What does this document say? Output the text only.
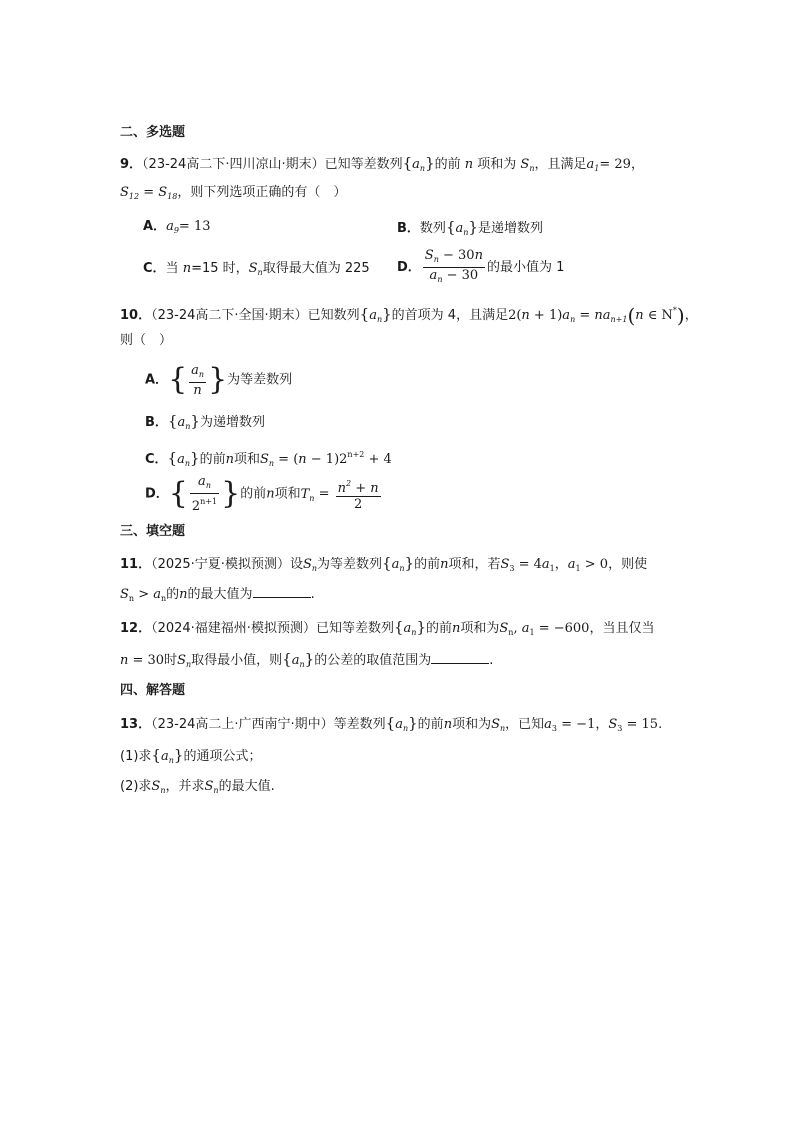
二、多选题
9．（23-24高二下·四川凉山·期末）已知等差数列$\{a_n\}$的前 n 项和为 $S_n$，且满足$a_1= 29$，
$S_{12} = S_{18}$，则下列选项正确的有（　）
A．$a_9= 13$	B．数列$\{a_n\}$是递增数列
C．当 n=15 时，$S_n$取得最大值为 225 D． $\frac{S_n - 30n}{a_n - 30}$ 的最小值为 1
10．（23-24高二下·全国·期末）已知数列$\{a_n\}$的首项为 4，且满足$2(n + 1)a_n = na_{n+1}(n$ ∈ N*)，
则（　）
A．{ $\frac{a_n}{n}$ }为等差数列
B．$\{a_n\}$为递增数列
C．$\{a_n\}$的前n项和$S_n = (n - 1)2^{n+2} + 4$
D．{ $\frac{a_n}{2^{n+1}}$ }的前n项和$T_n = \frac{n^2 + n}{2}$
三、填空题
11．（2025·宁夏·模拟预测）设$S_n$为等差数列$\{a_n\}$的前n项和，若$S_3 = 4a_1$，$a_1 > 0$，则使
$S_n > a_n$的n的最大值为	.
12．（2024·福建福州·模拟预测）已知等差数列$\{a_n\}$的前n项和为$S_n$, $a_1 = -600$，当且仅当
n = 30时$S_n$取得最小值，则$\{a_n\}$的公差的取值范围为	.
四、解答题
13．（23-24高二上·广西南宁·期中）等差数列$\{a_n\}$的前n项和为$S_n$，已知$a_3 = -1$，$S_3 = 15$.
(1)求$\{a_n\}$的通项公式；
(2)求$S_n$，并求$S_n$的最大值.
